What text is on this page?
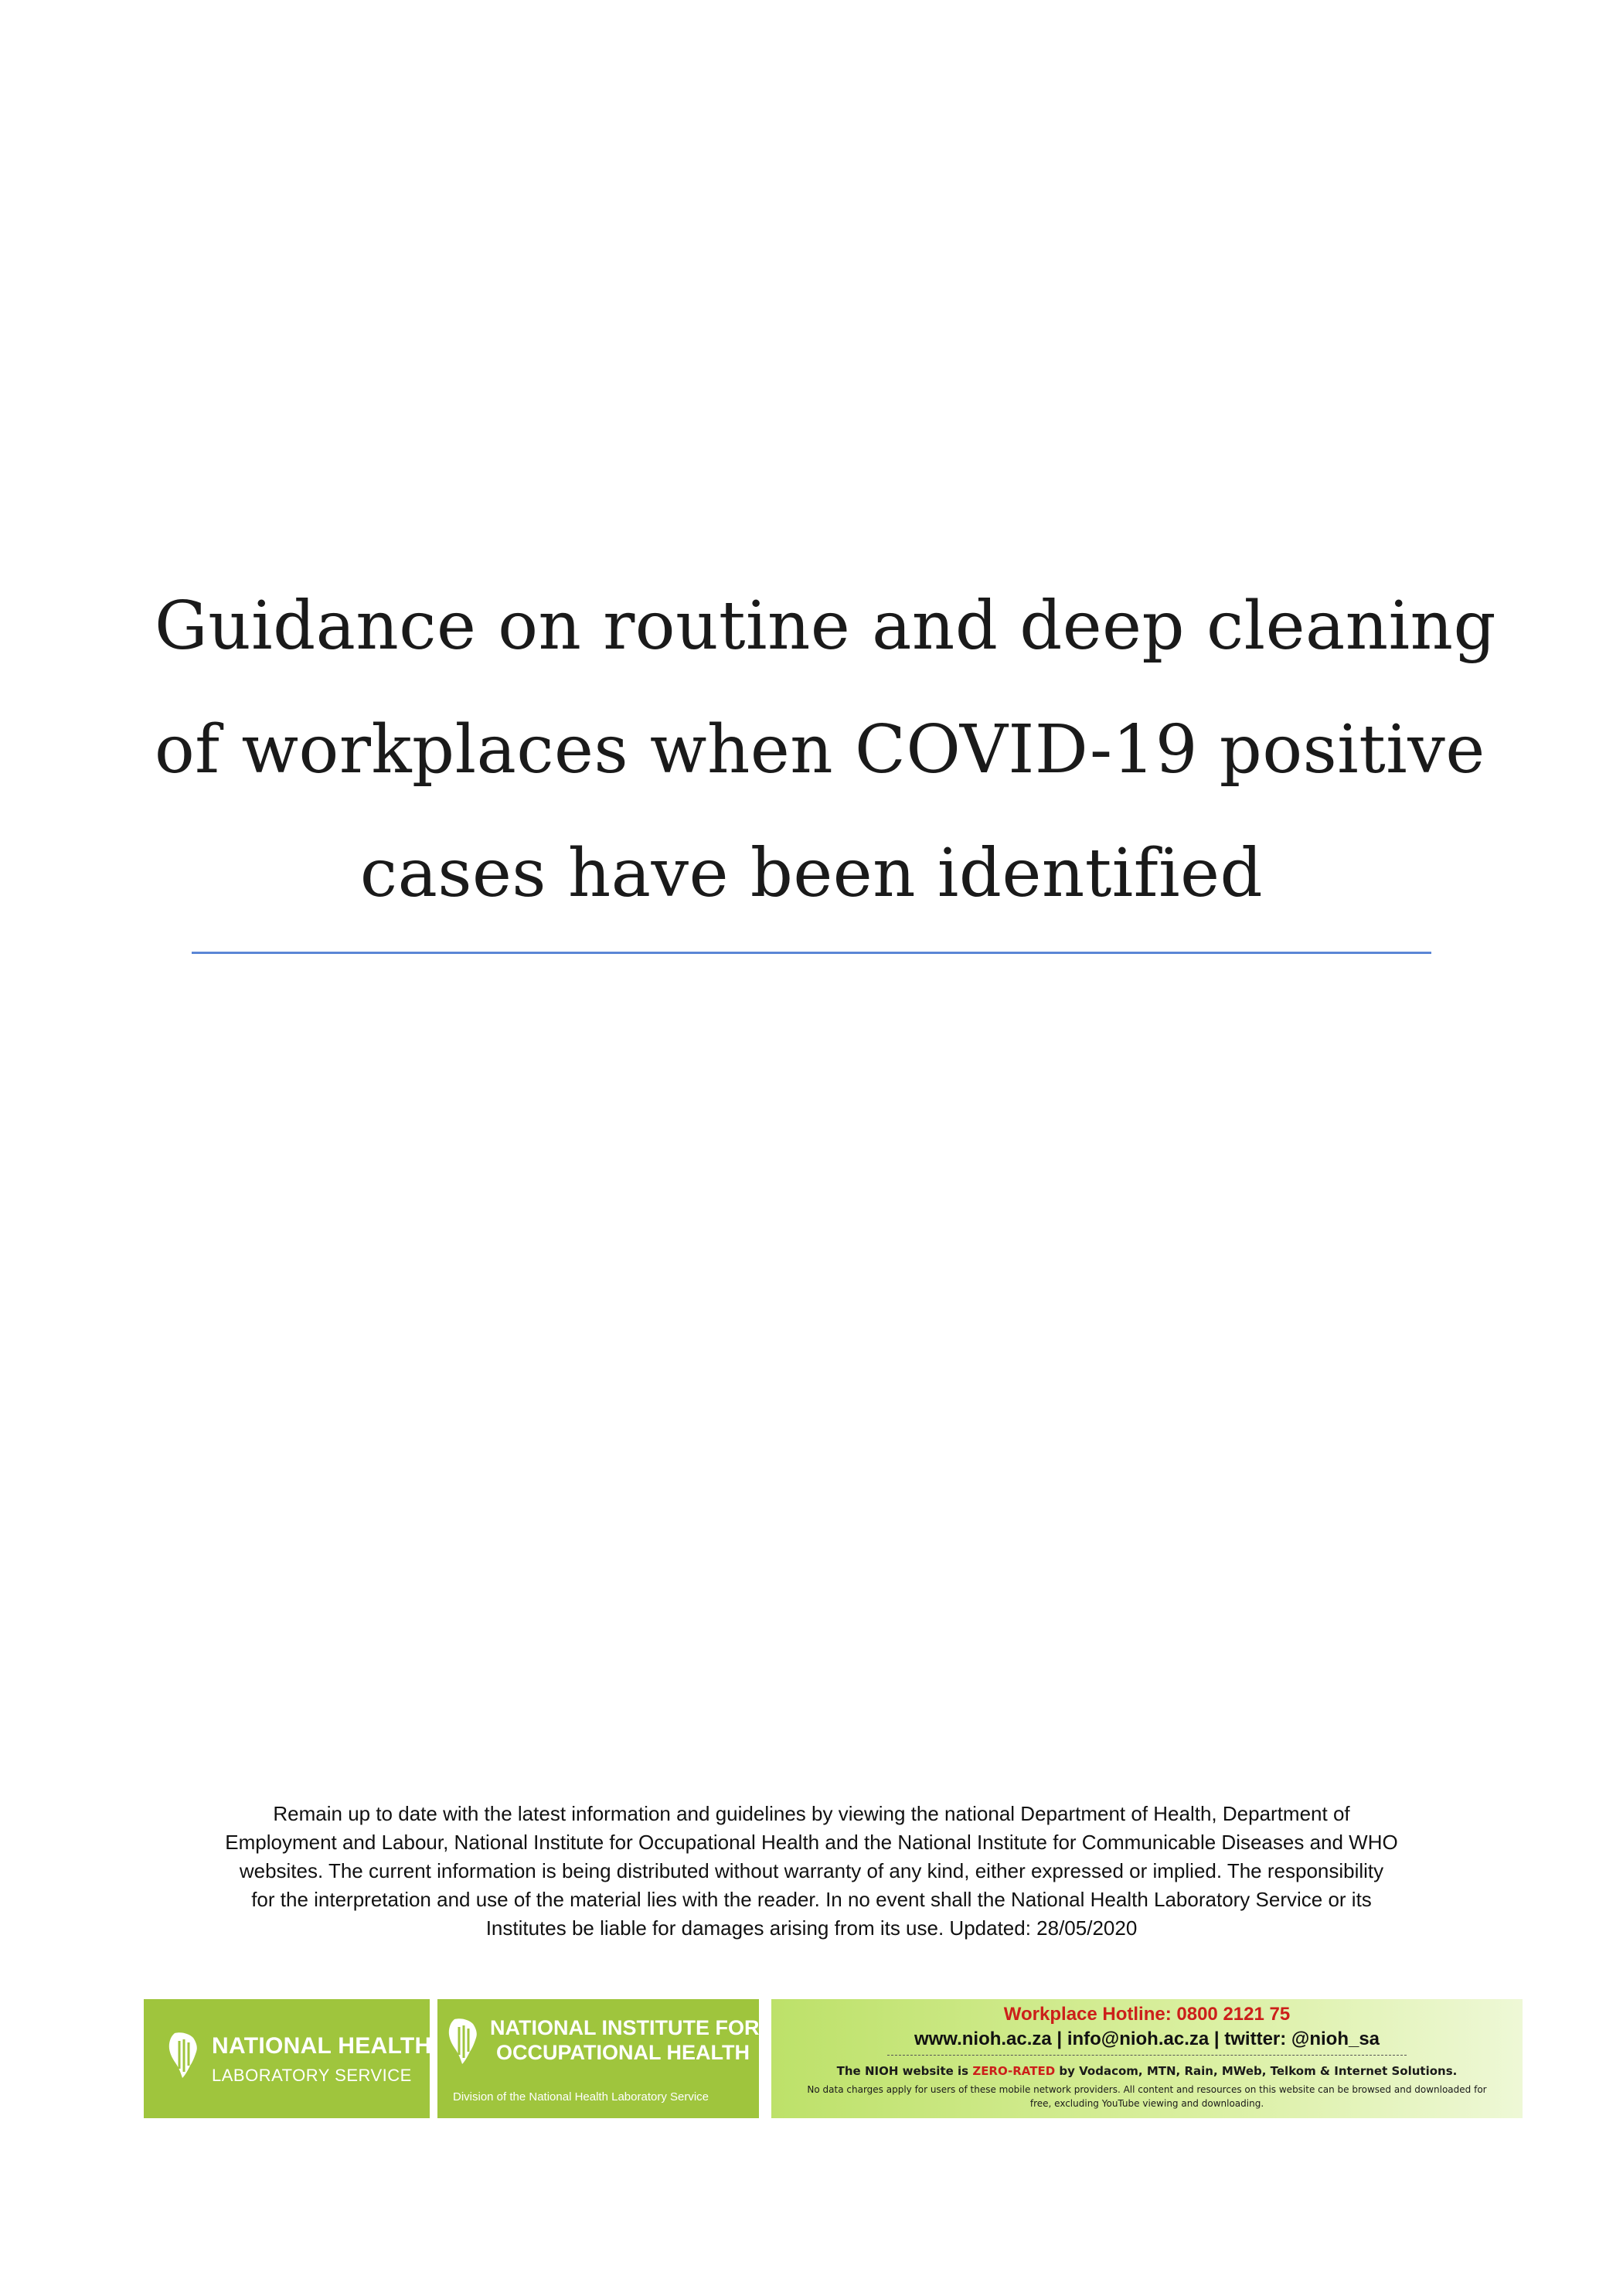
Guidance on routine and deep cleaning
of workplaces when COVID-19 positive
cases have been identified
Remain up to date with the latest information and guidelines by viewing the national Department of Health, Department of
Employment and Labour, National Institute for Occupational Health and the National Institute for Communicable Diseases and WHO
websites. The current information is being distributed without warranty of any kind, either expressed or implied. The responsibility
for the interpretation and use of the material lies with the reader. In no event shall the National Health Laboratory Service or its
Institutes be liable for damages arising from its use. Updated: 28/05/2020
NATIONAL HEALTH
LABORATORY SERVICE
NATIONAL INSTITUTE FOR
OCCUPATIONAL HEALTH
Division of the National Health Laboratory Service
Workplace Hotline: 0800 2121 75
www.nioh.ac.za | info@nioh.ac.za | twitter: @nioh_sa
The NIOH website is ZERO-RATED by Vodacom, MTN, Rain, MWeb, Telkom & Internet Solutions.
No data charges apply for users of these mobile network providers. All content and resources on this website can be browsed and downloaded for
free, excluding YouTube viewing and downloading.
